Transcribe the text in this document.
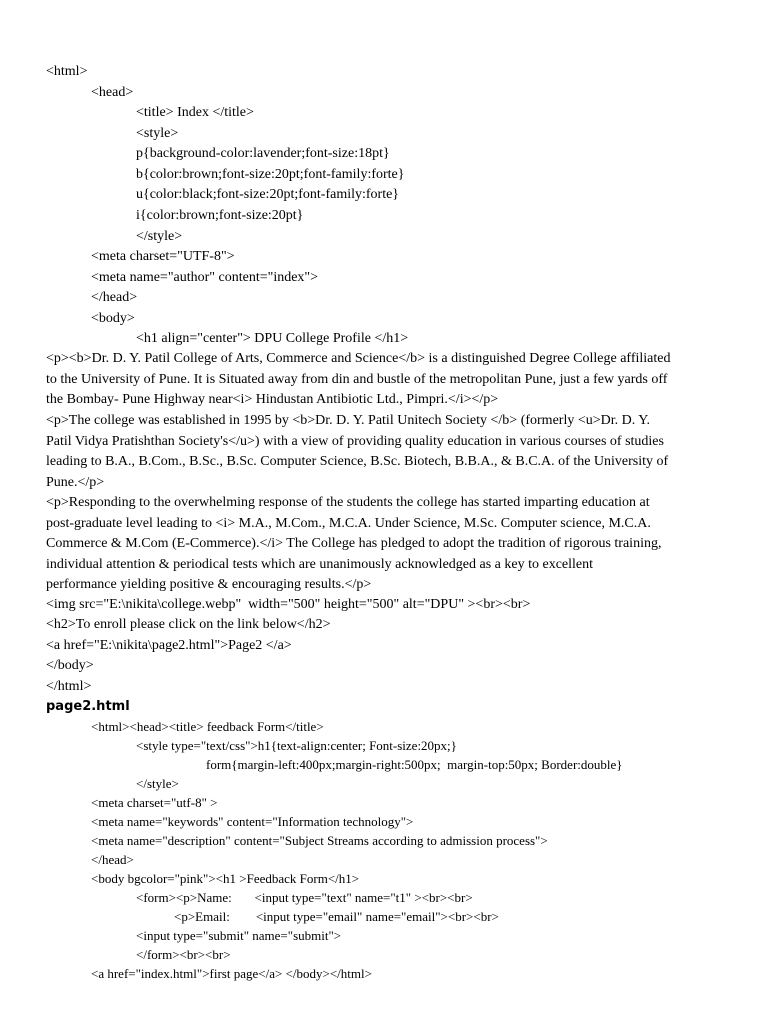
<html>
<head>
<title> Index </title>
<style>
p{background-color:lavender;font-size:18pt}
b{color:brown;font-size:20pt;font-family:forte}
u{color:black;font-size:20pt;font-family:forte}
i{color:brown;font-size:20pt}
</style>
<meta charset="UTF-8">
<meta name="author" content="index">
</head>
<body>
<h1 align="center"> DPU College Profile </h1>
<p><b>Dr. D. Y. Patil College of Arts, Commerce and Science</b> is a distinguished Degree College affiliated
to the University of Pune. It is Situated away from din and bustle of the metropolitan Pune, just a few yards off
the Bombay- Pune Highway near<i> Hindustan Antibiotic Ltd., Pimpri.</i></p>
<p>The college was established in 1995 by <b>Dr. D. Y. Patil Unitech Society </b> (formerly <u>Dr. D. Y.
Patil Vidya Pratishthan Society's</u>) with a view of providing quality education in various courses of studies
leading to B.A., B.Com., B.Sc., B.Sc. Computer Science, B.Sc. Biotech, B.B.A., & B.C.A. of the University of
Pune.</p>
<p>Responding to the overwhelming response of the students the college has started imparting education at
post-graduate level leading to <i> M.A., M.Com., M.C.A. Under Science, M.Sc. Computer science, M.C.A.
Commerce & M.Com (E-Commerce).</i> The College has pledged to adopt the tradition of rigorous training,
individual attention & periodical tests which are unanimously acknowledged as a key to excellent
performance yielding positive & encouraging results.</p>
<img src="E:\nikita\college.webp"  width="500" height="500" alt="DPU" ><br><br>
<h2>To enroll please click on the link below</h2>
<a href="E:\nikita\page2.html">Page2 </a>
</body>
</html>
page2.html
<html><head><title> feedback Form</title>
<style type="text/css">h1{text-align:center; Font-size:20px;}
form{margin-left:400px;margin-right:500px;  margin-top:50px; Border:double}
</style>
<meta charset="utf-8" >
<meta name="keywords" content="Information technology">
<meta name="description" content="Subject Streams according to admission process">
</head>
<body bgcolor="pink"><h1 >Feedback Form</h1>
<form><p>Name:       <input type="text" name="t1" ><br><br>
<p>Email:        <input type="email" name="email"><br><br>
<input type="submit" name="submit">
</form><br><br>
<a href="index.html">first page</a> </body></html>
